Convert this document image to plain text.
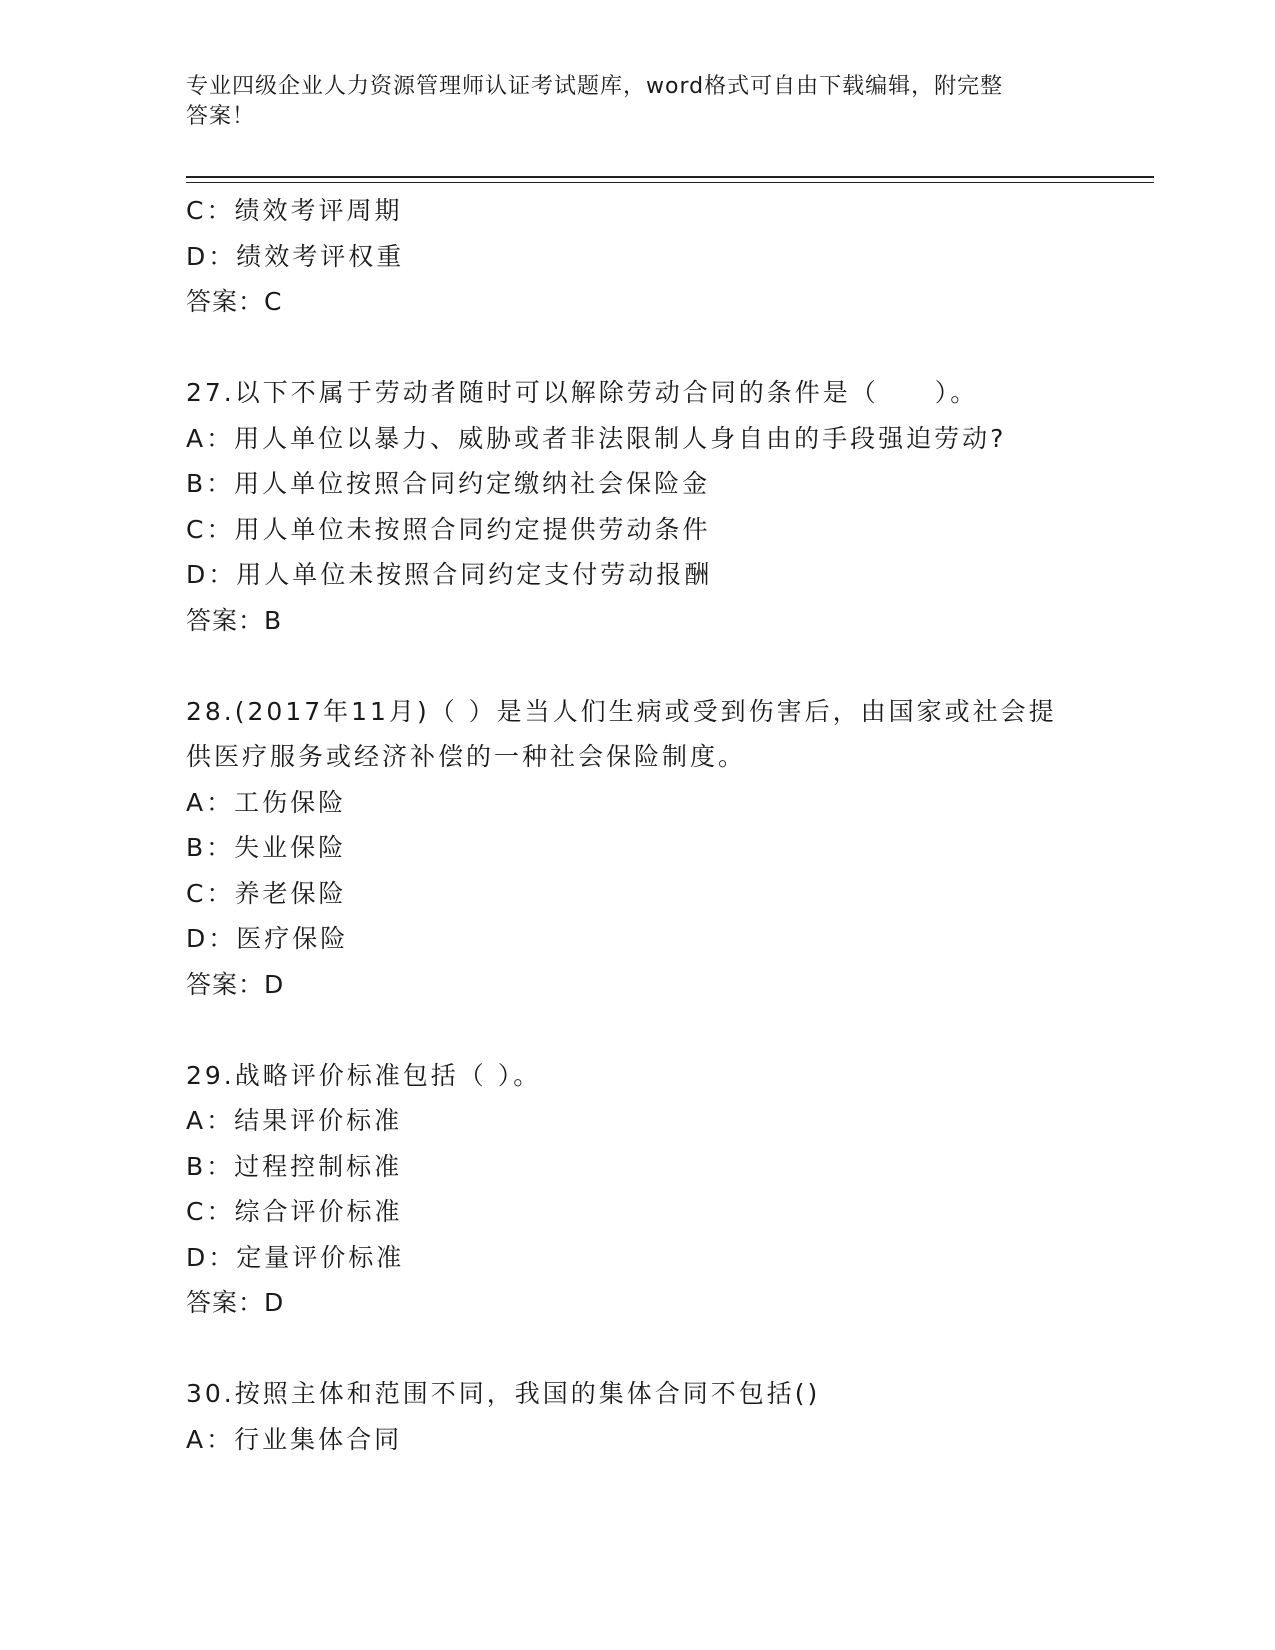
专业四级企业人力资源管理师认证考试题库，word格式可自由下载编辑，附完整
答案！
C：绩效考评周期
D：绩效考评权重
答案：C
27.以下不属于劳动者随时可以解除劳动合同的条件是（　　）。
A：用人单位以暴力、威胁或者非法限制人身自由的手段强迫劳动?
B：用人单位按照合同约定缴纳社会保险金
C：用人单位未按照合同约定提供劳动条件
D：用人单位未按照合同约定支付劳动报酬
答案：B
28.(2017年11月)（ ）是当人们生病或受到伤害后，由国家或社会提
供医疗服务或经济补偿的一种社会保险制度。
A：工伤保险
B：失业保险
C：养老保险
D：医疗保险
答案：D
29.战略评价标准包括（ ）。
A：结果评价标准
B：过程控制标准
C：综合评价标准
D：定量评价标准
答案：D
30.按照主体和范围不同，我国的集体合同不包括()
A：行业集体合同
